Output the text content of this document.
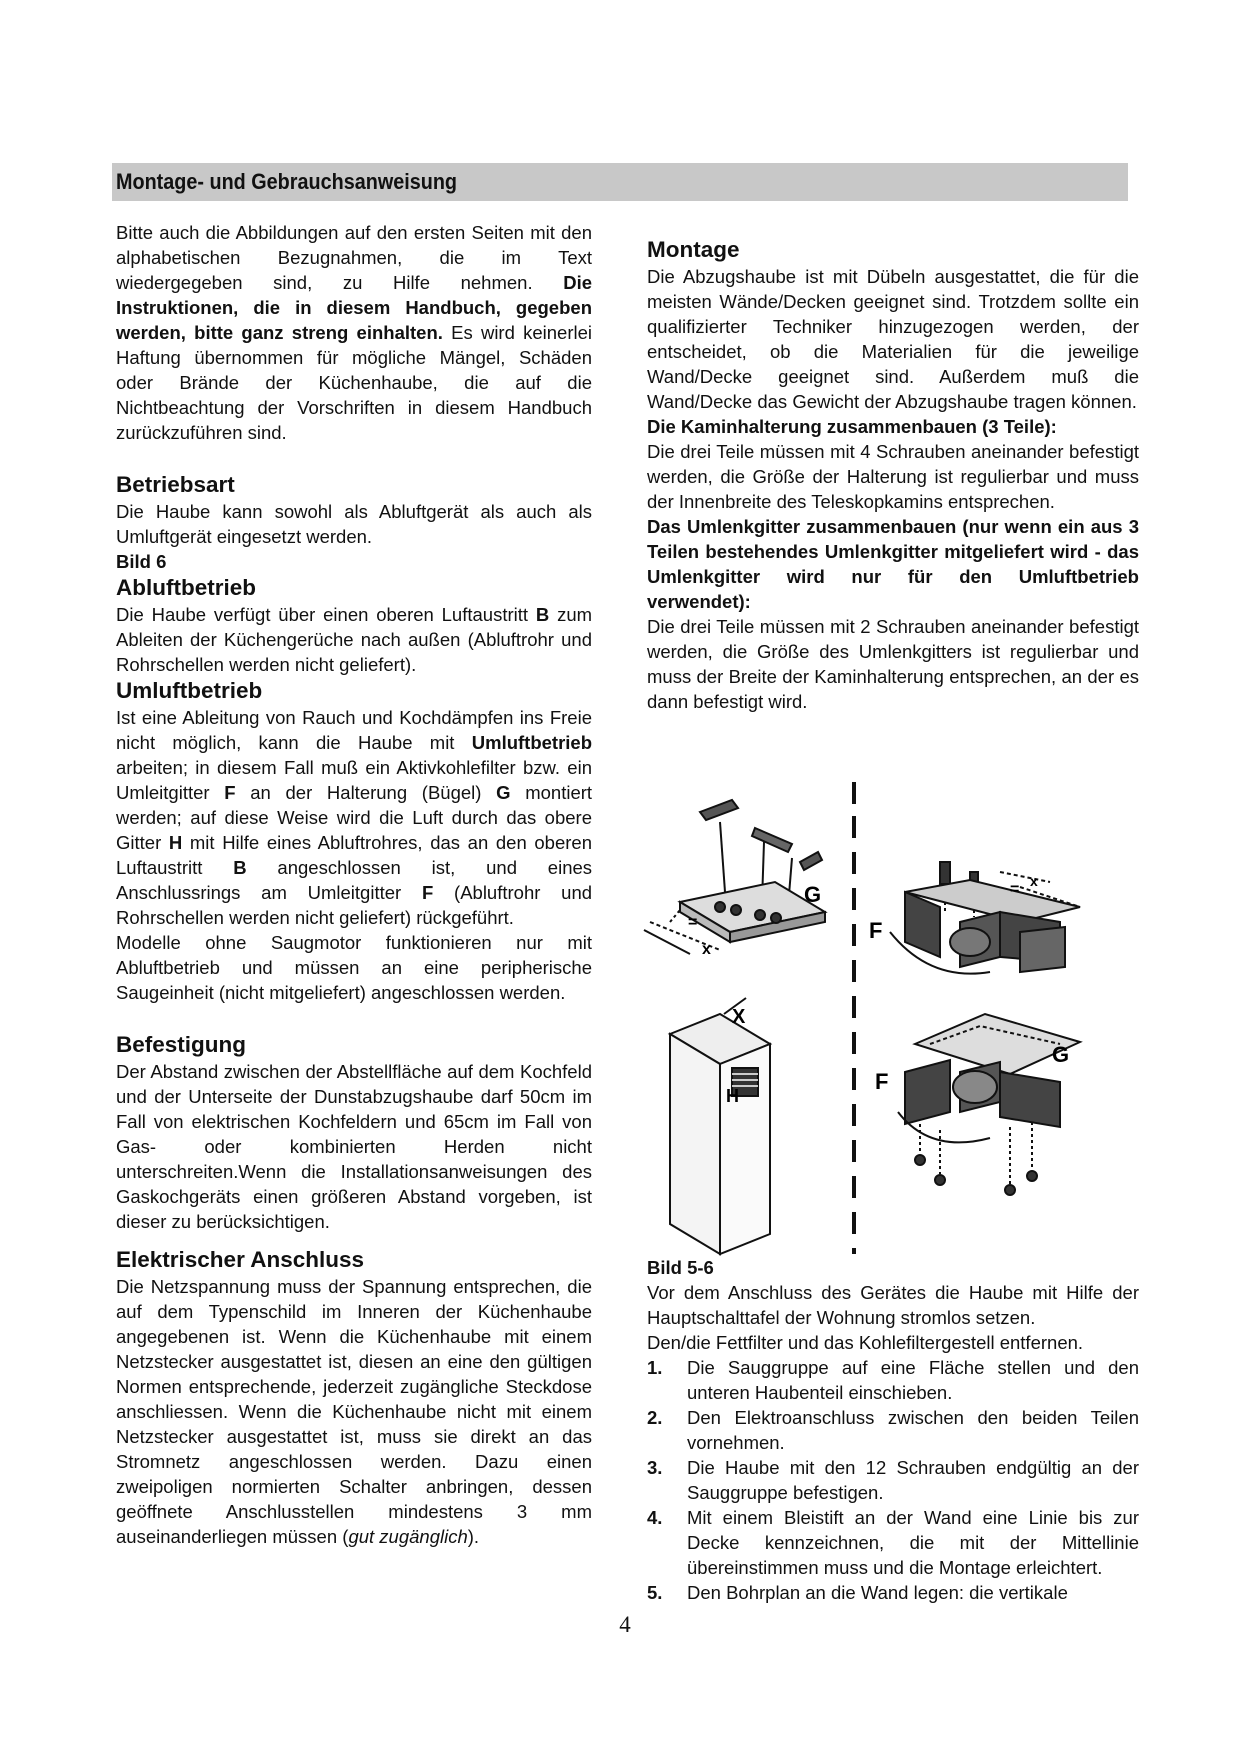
Montage- und Gebrauchsanweisung

Bitte auch die Abbildungen auf den ersten Seiten mit den alphabetischen Bezugnahmen, die im Text wiedergegeben sind, zu Hilfe nehmen. Die Instruktionen, die in diesem Handbuch, gegeben werden, bitte ganz streng einhalten. Es wird keinerlei Haftung übernommen für mögliche Mängel, Schäden oder Brände der Küchenhaube, die auf die Nichtbeachtung der Vorschriften in diesem Handbuch zurückzuführen sind.

Betriebsart

Die Haube kann sowohl als Abluftgerät als auch als Umluftgerät eingesetzt werden.

Bild 6
Abluftbetrieb

Die Haube verfügt über einen oberen Luftaustritt B zum Ableiten der Küchengerüche nach außen (Abluftrohr und Rohrschellen werden nicht geliefert).

Umluftbetrieb

Ist eine Ableitung von Rauch und Kochdämpfen ins Freie nicht möglich, kann die Haube mit Umluftbetrieb arbeiten; in diesem Fall muß ein Aktivkohlefilter bzw. ein Umleitgitter F an der Halterung (Bügel) G montiert werden; auf diese Weise wird die Luft durch das obere Gitter H mit Hilfe eines Abluftrohres, das an den oberen Luftaustritt B angeschlossen ist, und eines Anschlussrings am Umleitgitter F (Abluftrohr und Rohrschellen werden nicht geliefert) rückgeführt.

Modelle ohne Saugmotor funktionieren nur mit Abluftbetrieb und müssen an eine peripherische Saugeinheit (nicht mitgeliefert) angeschlossen werden.

Befestigung

Der Abstand zwischen der Abstellfläche auf dem Kochfeld und der Unterseite der Dunstabzugshaube darf 50cm im Fall von elektrischen Kochfeldern und 65cm im Fall von Gas- oder kombinierten Herden nicht unterschreiten.Wenn die Installationsanweisungen des Gaskochgeräts einen größeren Abstand vorgeben, ist dieser zu berücksichtigen.

Elektrischer Anschluss

Die Netzspannung muss der Spannung entsprechen, die auf dem Typenschild im Inneren der Küchenhaube angegebenen ist. Wenn die Küchenhaube mit einem Netzstecker ausgestattet ist, diesen an eine den gültigen Normen entsprechende, jederzeit zugängliche Steckdose anschliessen. Wenn die Küchenhaube nicht mit einem Netzstecker ausgestattet ist, muss sie direkt an das Stromnetz angeschlossen werden. Dazu einen zweipoligen normierten Schalter anbringen, dessen geöffnete Anschlusstellen mindestens 3 mm auseinanderliegen müssen (gut zugänglich).

Montage

Die Abzugshaube ist mit Dübeln ausgestattet, die für die meisten Wände/Decken geeignet sind. Trotzdem sollte ein qualifizierter Techniker hinzugezogen werden, der entscheidet, ob die Materialien für die jeweilige Wand/Decke geeignet sind. Außerdem muß die Wand/Decke das Gewicht der Abzugshaube tragen können.

Die Kaminhalterung zusammenbauen (3 Teile):

Die drei Teile müssen mit 4 Schrauben aneinander befestigt werden, die Größe der Halterung ist regulierbar und muss der Innenbreite des Teleskopkamins entsprechen.

Das Umlenkgitter zusammenbauen (nur wenn ein aus 3 Teilen bestehendes Umlenkgitter mitgeliefert wird - das Umlenkgitter wird nur für den Umluftbetrieb verwendet):

Die drei Teile müssen mit 2 Schrauben aneinander befestigt werden, die Größe des Umlenkgitters ist regulierbar und muss der Breite der Kaminhalterung entsprechen, an der es dann befestigt wird.

x
=
G
x
=
F
X
H
F
G
Bild 5-6

Vor dem Anschluss des Gerätes die Haube mit Hilfe der Hauptschalttafel der Wohnung stromlos setzen.

Den/die Fettfilter und das Kohlefiltergestell entfernen.

1. Die Sauggruppe auf eine Fläche stellen und den unteren Haubenteil einschieben.
2. Den Elektroanschluss zwischen den beiden Teilen vornehmen.
3. Die Haube mit den 12 Schrauben endgültig an der Sauggruppe befestigen.
4. Mit einem Bleistift an der Wand eine Linie bis zur Decke kennzeichnen, die mit der Mittellinie übereinstimmen muss und die Montage erleichtert.
5. Den Bohrplan an die Wand legen: die vertikale
4
